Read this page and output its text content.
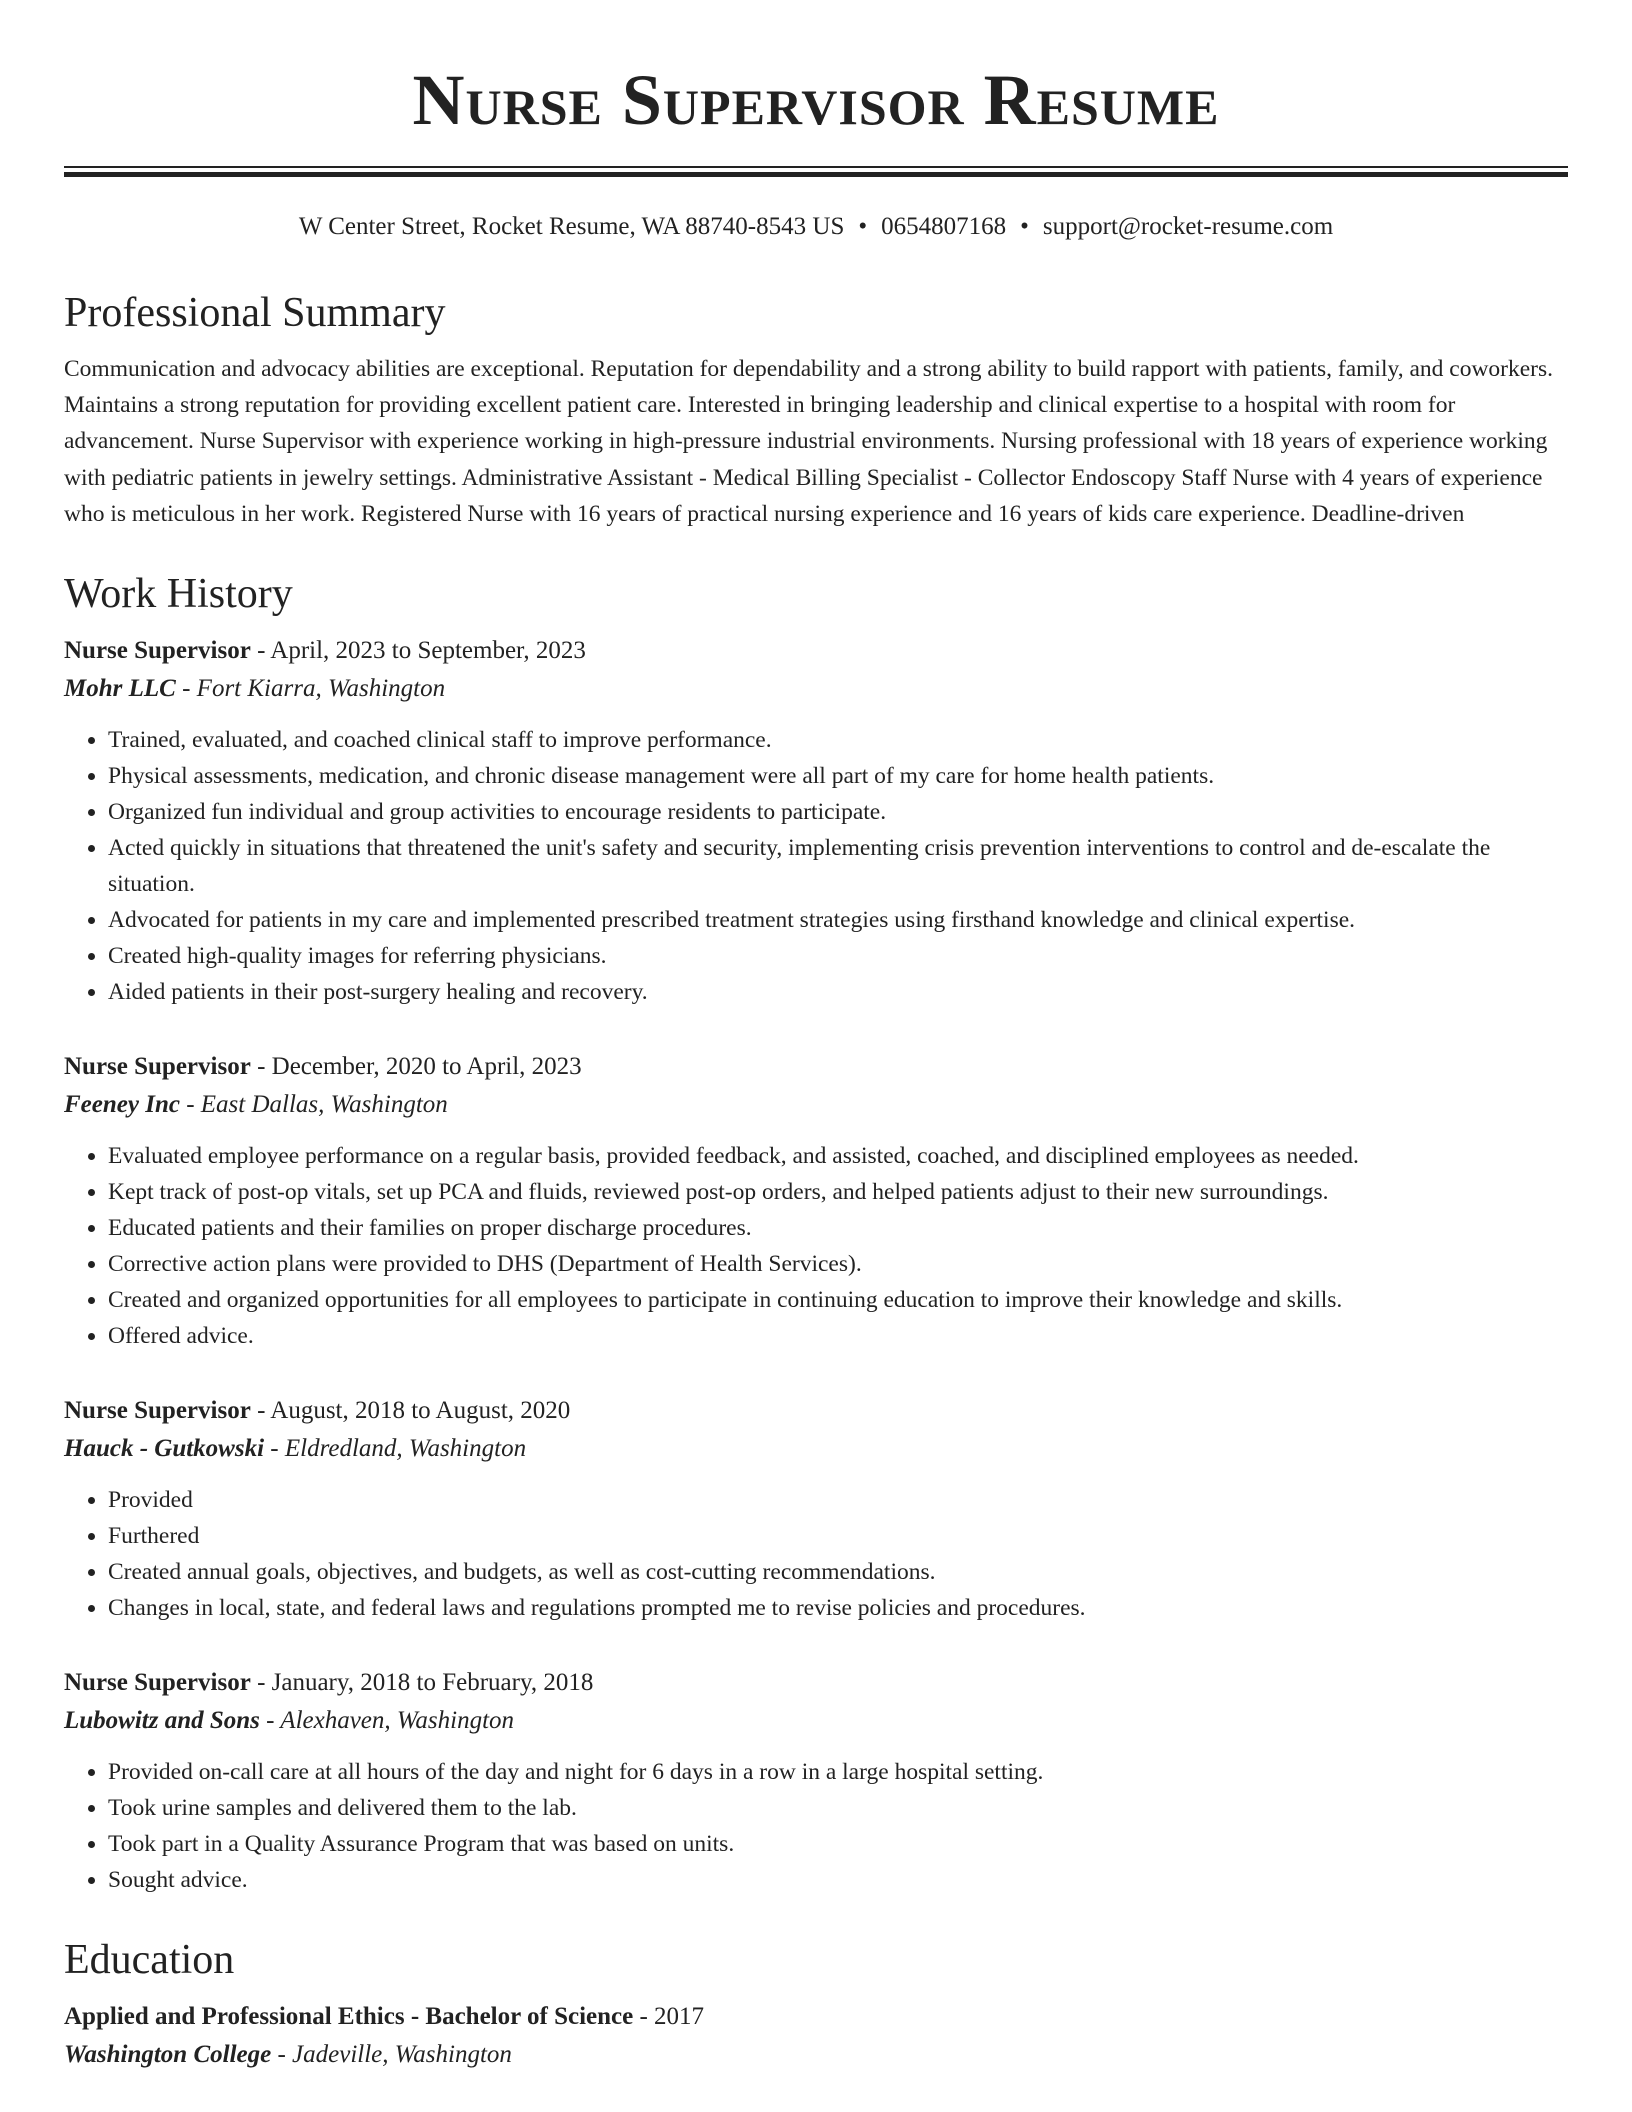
Nurse Supervisor Resume
W Center Street, Rocket Resume, WA 88740-8543 US • 0654807168 • support@rocket-resume.com
Professional Summary

Communication and advocacy abilities are exceptional. Reputation for dependability and a strong ability to build rapport with patients, family, and coworkers. Maintains a strong reputation for providing excellent patient care. Interested in bringing leadership and clinical expertise to a hospital with room for advancement. Nurse Supervisor with experience working in high-pressure industrial environments. Nursing professional with 18 years of experience working with pediatric patients in jewelry settings. Administrative Assistant - Medical Billing Specialist - Collector Endoscopy Staff Nurse with 4 years of experience who is meticulous in her work. Registered Nurse with 16 years of practical nursing experience and 16 years of kids care experience. Deadline-driven

Work History
Nurse Supervisor - April, 2023 to September, 2023
Mohr LLC - Fort Kiarra, Washington
• Trained, evaluated, and coached clinical staff to improve performance.
• Physical assessments, medication, and chronic disease management were all part of my care for home health patients.
• Organized fun individual and group activities to encourage residents to participate.
• Acted quickly in situations that threatened the unit's safety and security, implementing crisis prevention interventions to control and de-escalate the situation.
• Advocated for patients in my care and implemented prescribed treatment strategies using firsthand knowledge and clinical expertise.
• Created high-quality images for referring physicians.
• Aided patients in their post-surgery healing and recovery.
Nurse Supervisor - December, 2020 to April, 2023
Feeney Inc - East Dallas, Washington
• Evaluated employee performance on a regular basis, provided feedback, and assisted, coached, and disciplined employees as needed.
• Kept track of post-op vitals, set up PCA and fluids, reviewed post-op orders, and helped patients adjust to their new surroundings.
• Educated patients and their families on proper discharge procedures.
• Corrective action plans were provided to DHS (Department of Health Services).
• Created and organized opportunities for all employees to participate in continuing education to improve their knowledge and skills.
• Offered advice.
Nurse Supervisor - August, 2018 to August, 2020
Hauck - Gutkowski - Eldredland, Washington
• Provided
• Furthered
• Created annual goals, objectives, and budgets, as well as cost-cutting recommendations.
• Changes in local, state, and federal laws and regulations prompted me to revise policies and procedures.
Nurse Supervisor - January, 2018 to February, 2018
Lubowitz and Sons - Alexhaven, Washington
• Provided on-call care at all hours of the day and night for 6 days in a row in a large hospital setting.
• Took urine samples and delivered them to the lab.
• Took part in a Quality Assurance Program that was based on units.
• Sought advice.
Education
Applied and Professional Ethics - Bachelor of Science - 2017
Washington College - Jadeville, Washington
